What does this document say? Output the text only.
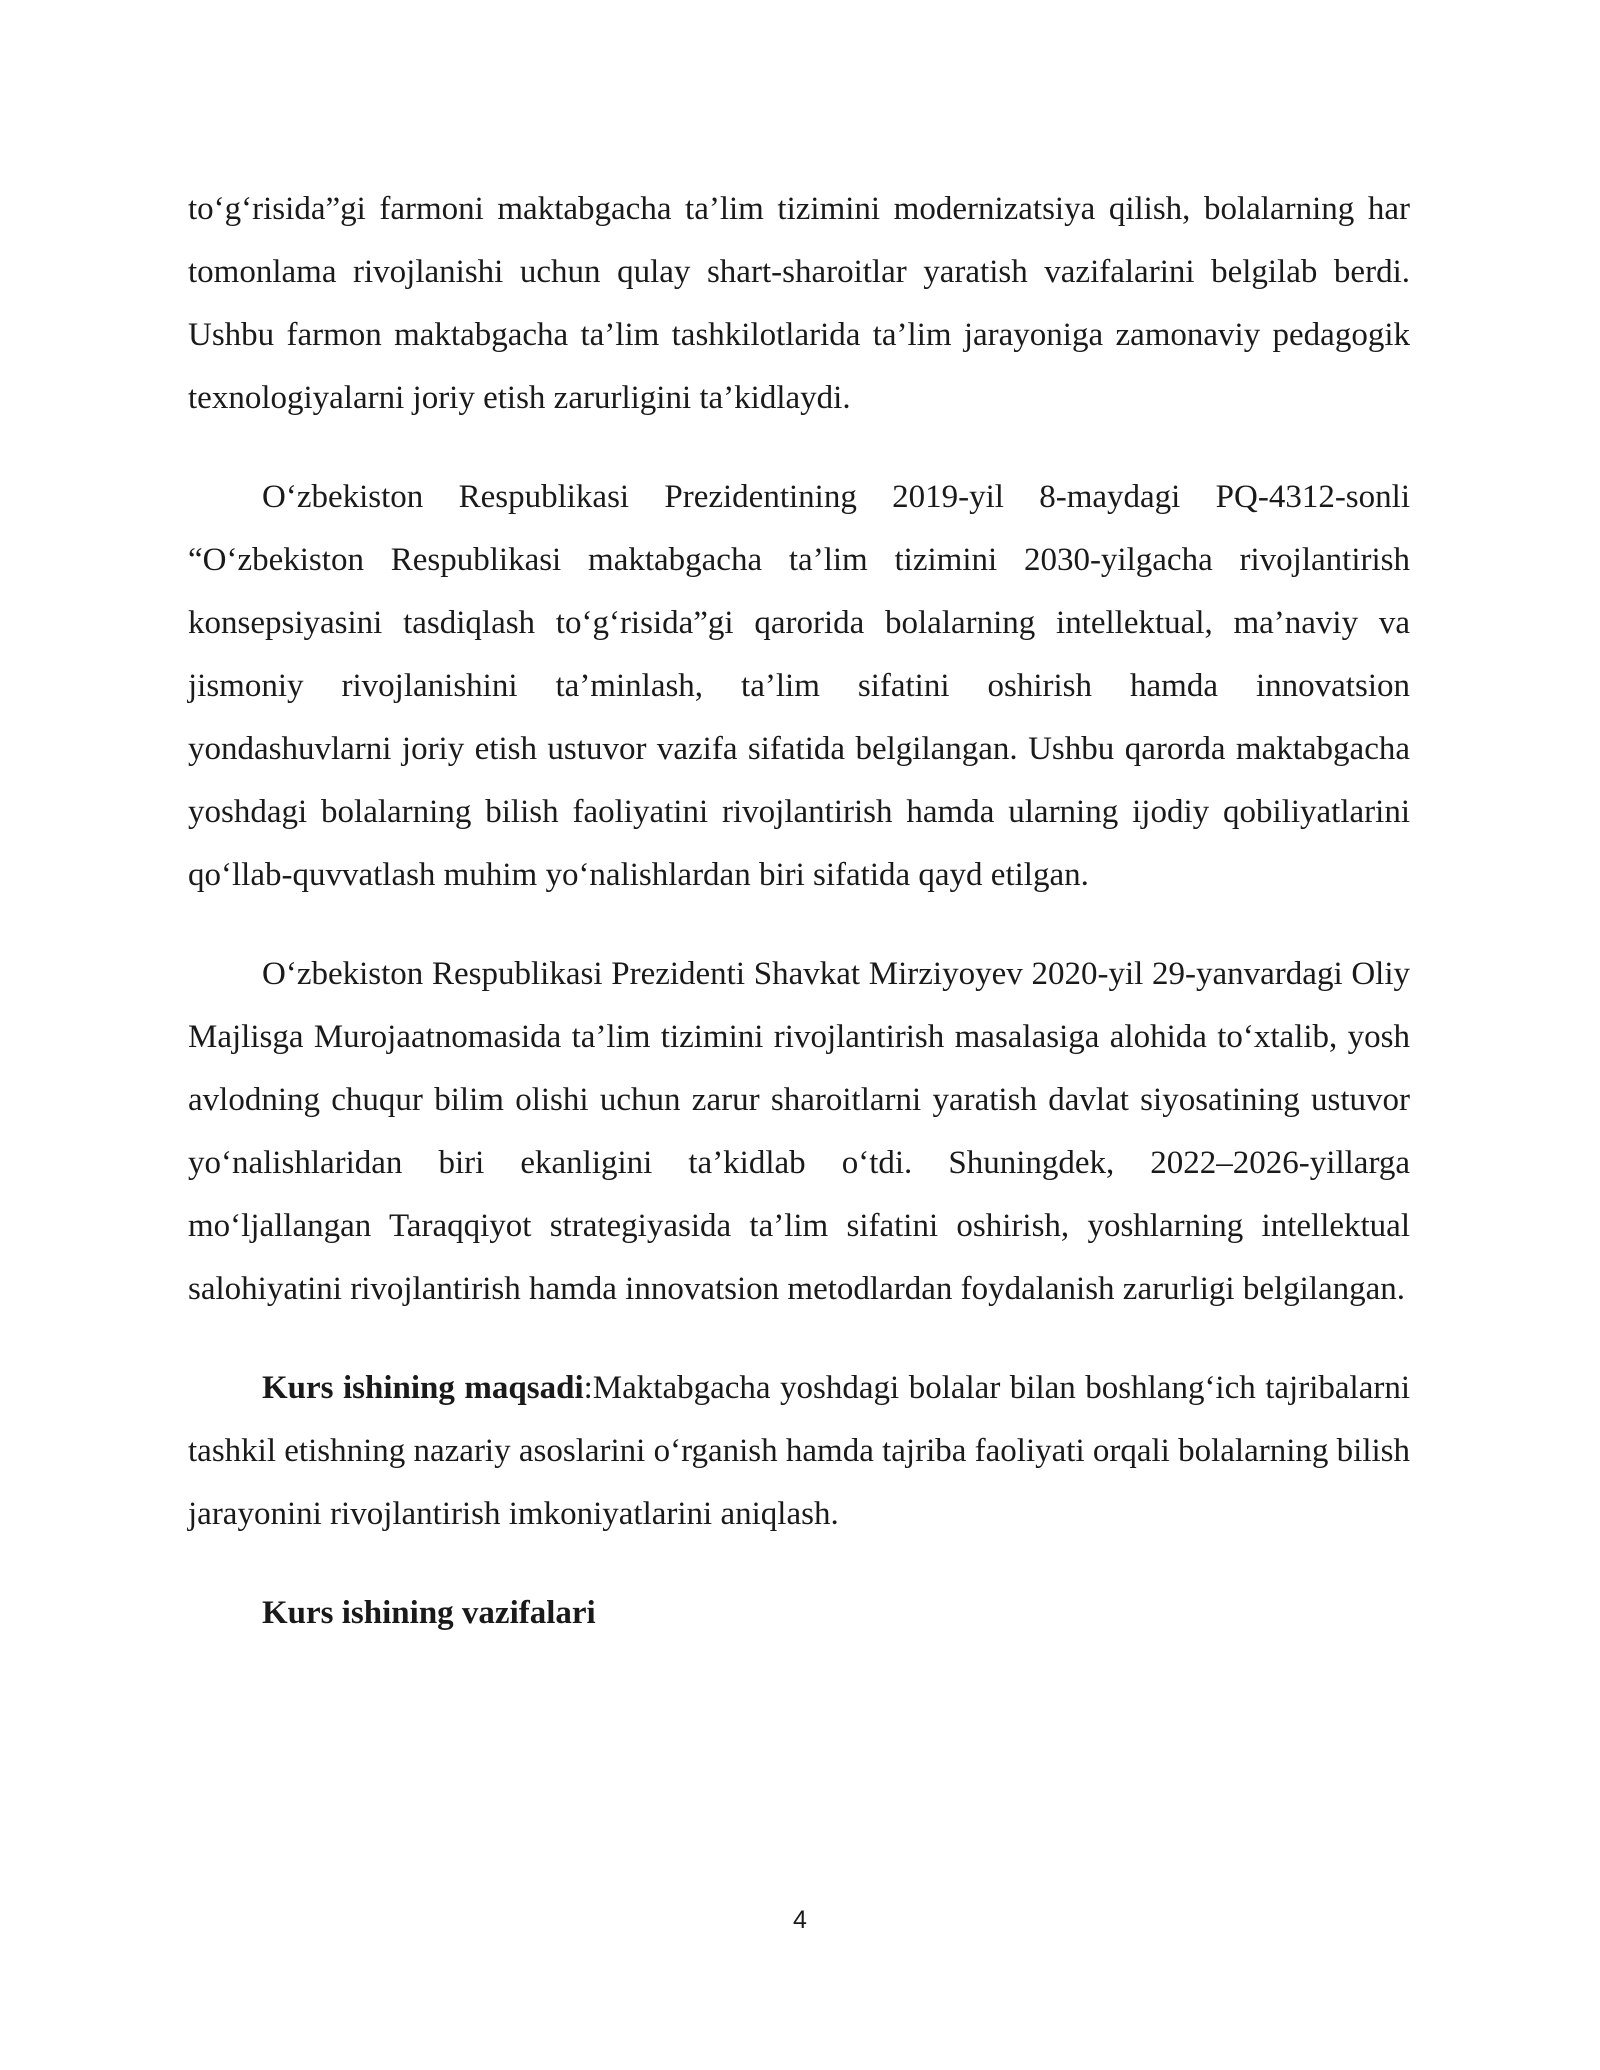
to‘g‘risida”gi farmoni maktabgacha ta’lim tizimini modernizatsiya qilish, bolalarning har tomonlama rivojlanishi uchun qulay shart-sharoitlar yaratish vazifalarini belgilab berdi. Ushbu farmon maktabgacha ta’lim tashkilotlarida ta’lim jarayoniga zamonaviy pedagogik texnologiyalarni joriy etish zarurligini ta’kidlaydi.

O‘zbekiston Respublikasi Prezidentining 2019-yil 8-maydagi PQ-4312-sonli “O‘zbekiston Respublikasi maktabgacha ta’lim tizimini 2030-yilgacha rivojlantirish konsepsiyasini tasdiqlash to‘g‘risida”gi qarorida bolalarning intellektual, ma’naviy va jismoniy rivojlanishini ta’minlash, ta’lim sifatini oshirish hamda innovatsion yondashuvlarni joriy etish ustuvor vazifa sifatida belgilangan. Ushbu qarorda maktabgacha yoshdagi bolalarning bilish faoliyatini rivojlantirish hamda ularning ijodiy qobiliyatlarini qo‘llab-quvvatlash muhim yo‘nalishlardan biri sifatida qayd etilgan.

O‘zbekiston Respublikasi Prezidenti Shavkat Mirziyoyev 2020-yil 29-yanvardagi Oliy Majlisga Murojaatnomasida ta’lim tizimini rivojlantirish masalasiga alohida to‘xtalib, yosh avlodning chuqur bilim olishi uchun zarur sharoitlarni yaratish davlat siyosatining ustuvor yo‘nalishlaridan biri ekanligini ta’kidlab o‘tdi. Shuningdek, 2022–2026-yillarga mo‘ljallangan Taraqqiyot strategiyasida ta’lim sifatini oshirish, yoshlarning intellektual salohiyatini rivojlantirish hamda innovatsion metodlardan foydalanish zarurligi belgilangan.

Kurs ishining maqsadi:Maktabgacha yoshdagi bolalar bilan boshlang‘ich tajribalarni tashkil etishning nazariy asoslarini o‘rganish hamda tajriba faoliyati orqali bolalarning bilish jarayonini rivojlantirish imkoniyatlarini aniqlash.

Kurs ishining vazifalari

4
